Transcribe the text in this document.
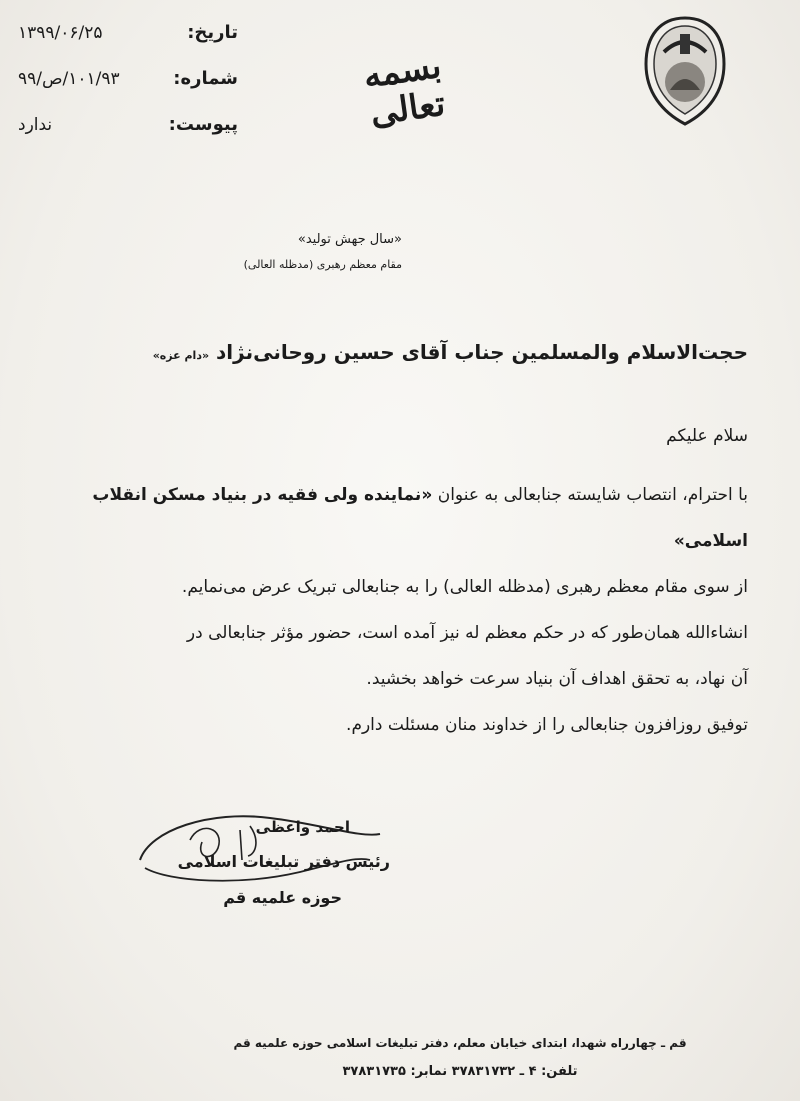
تاریخ:
۱۳۹۹/۰۶/۲۵
شماره:
۱۰۱/۹۳/ص/۹۹
پیوست:
ندارد
بسمه تعالی
«سال جهش تولید»
مقام معظم رهبری (مدظله العالی)
حجت‌الاسلام والمسلمین جناب آقای حسین روحانی‌نژاد «دام عزه»
سلام علیکم

با احترام، انتصاب شایسته جنابعالی به عنوان «نماینده ولی فقیه در بنیاد مسکن انقلاب اسلامی»

از سوی مقام معظم رهبری (مدظله العالی) را به جنابعالی تبریک عرض می‌نمایم.

انشاءالله همان‌طور که در حکم معظم له نیز آمده است، حضور مؤثر جنابعالی در

آن نهاد، به تحقق اهداف آن بنیاد سرعت خواهد بخشید.

توفیق روزافزون جنابعالی را از خداوند منان مسئلت دارم.

احمد واعظی
رئیس دفتر تبلیغات اسلامی
حوزه علمیه قم
قم ـ چهارراه شهدا، ابتدای خیابان معلم، دفتر تبلیغات اسلامی حوزه علمیه قم
تلفن: ۴ ـ ۳۷۸۳۱۷۳۲ نمابر: ۳۷۸۳۱۷۳۵
